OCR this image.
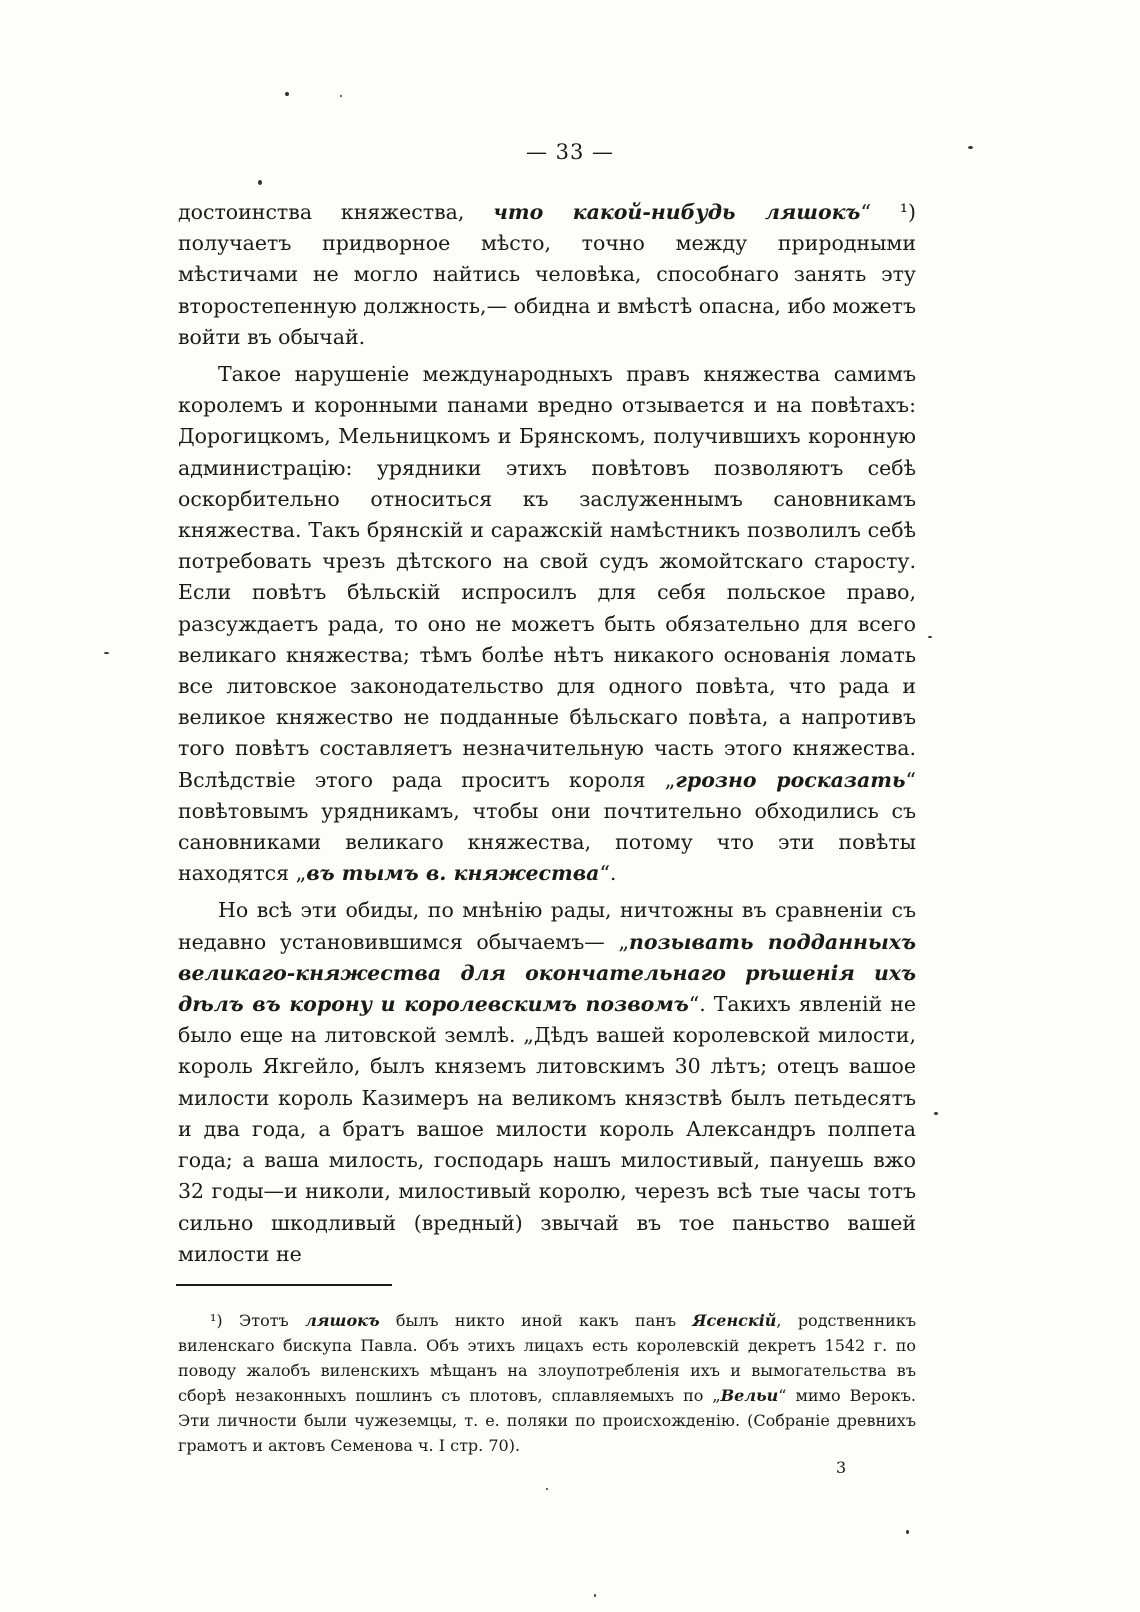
— 33 —

достоинства княжества, что какой-нибудь ляшокъ“ ¹) получаетъ придворное мѣсто, точно между природными мѣстичами не могло найтись человѣка, способнаго занять эту второстепенную должность,— обидна и вмѣстѣ опасна, ибо можетъ войти въ обычай.

Такое нарушеніе международныхъ правъ княжества самимъ королемъ и коронными панами вредно отзывается и на повѣтахъ: Дорогицкомъ, Мельницкомъ и Брянскомъ, получившихъ коронную администрацію: урядники этихъ повѣтовъ позволяютъ себѣ оскорбительно относиться къ заслуженнымъ сановникамъ княжества. Такъ брянскій и саражскій намѣстникъ позволилъ себѣ потребовать чрезъ дѣтского на свой судъ жомойтскаго старосту. Если повѣтъ бѣльскій испросилъ для себя польское право, разсуждаетъ рада, то оно не можетъ быть обязательно для всего великаго княжества; тѣмъ болѣе нѣтъ никакого основанія ломать все литовское законодательство для одного повѣта, что рада и великое княжество не подданные бѣльскаго повѣта, а напротивъ того повѣтъ составляетъ незначительную часть этого княжества. Вслѣдствіе этого рада проситъ короля „грозно росказать“ повѣтовымъ урядникамъ, чтобы они почтительно обходились съ сановниками великаго княжества, потому что эти повѣты находятся „въ тымъ в. княжества“.

Но всѣ эти обиды, по мнѣнію рады, ничтожны въ сравненіи съ недавно установившимся обычаемъ— „позывать подданныхъ великаго-княжества для окончательнаго рѣшенія ихъ дѣлъ въ корону и королевскимъ позвомъ“. Такихъ явленій не было еще на литовской землѣ. „Дѣдъ вашей королевской милости, король Якгейло, былъ княземъ литовскимъ 30 лѣтъ; отецъ вашое милости король Казимеръ на великомъ князствѣ былъ петьдесятъ и два года, а братъ вашое милости король Александръ полпета года; а ваша милость, господарь нашъ милостивый, пануешь вжо 32 годы—и николи, милостивый королю, черезъ всѣ тые часы тотъ сильно шкодливый (вредный) звычай въ тое паньство вашей милости не

¹) Этотъ ляшокъ былъ никто иной какъ панъ Ясенскій, родственникъ виленскаго бискупа Павла. Объ этихъ лицахъ есть королевскій декретъ 1542 г. по поводу жалобъ виленскихъ мѣщанъ на злоупотребленія ихъ и вымогательства въ сборѣ незаконныхъ пошлинъ съ плотовъ, сплавляемыхъ по „Вельи“ мимо Верокъ. Эти личности были чужеземцы, т. е. поляки по происхожденію. (Собраніе древнихъ грамотъ и актовъ Семенова ч. I стр. 70).

3
